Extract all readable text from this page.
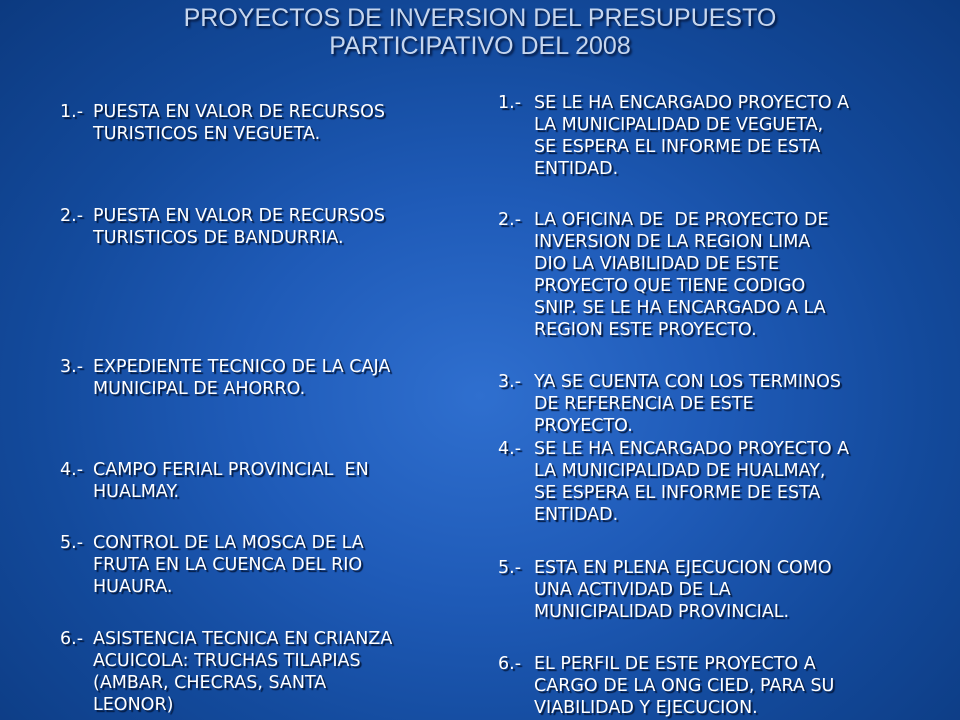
PROYECTOS DE INVERSION DEL PRESUPUESTO
PARTICIPATIVO DEL 2008
1.- PUESTA EN VALOR DE RECURSOS
TURISTICOS EN VEGUETA.
2.- PUESTA EN VALOR DE RECURSOS
TURISTICOS DE BANDURRIA.
3.- EXPEDIENTE TECNICO DE LA CAJA
MUNICIPAL DE AHORRO.
4.- CAMPO FERIAL PROVINCIAL  EN
HUALMAY.
5.- CONTROL DE LA MOSCA DE LA
FRUTA EN LA CUENCA DEL RIO
HUAURA.
6.- ASISTENCIA TECNICA EN CRIANZA
ACUICOLA: TRUCHAS TILAPIAS
(AMBAR, CHECRAS, SANTA
LEONOR)
1.- SE LE HA ENCARGADO PROYECTO A
LA MUNICIPALIDAD DE VEGUETA,
SE ESPERA EL INFORME DE ESTA
ENTIDAD.
2.- LA OFICINA DE  DE PROYECTO DE
INVERSION DE LA REGION LIMA
DIO LA VIABILIDAD DE ESTE
PROYECTO QUE TIENE CODIGO
SNIP. SE LE HA ENCARGADO A LA
REGION ESTE PROYECTO.
3.- YA SE CUENTA CON LOS TERMINOS
DE REFERENCIA DE ESTE
PROYECTO.
4.- SE LE HA ENCARGADO PROYECTO A
LA MUNICIPALIDAD DE HUALMAY,
SE ESPERA EL INFORME DE ESTA
ENTIDAD.
5.- ESTA EN PLENA EJECUCION COMO
UNA ACTIVIDAD DE LA
MUNICIPALIDAD PROVINCIAL.
6.- EL PERFIL DE ESTE PROYECTO A
CARGO DE LA ONG CIED, PARA SU
VIABILIDAD Y EJECUCION.
